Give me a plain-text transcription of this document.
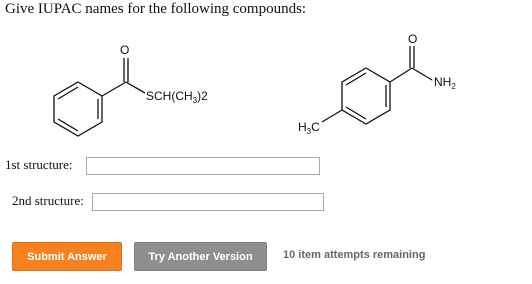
Give IUPAC names for the following compounds:
O
$SCH(CH_3)2$
O
$NH_2$
$H_3C$
1st structure:
2nd structure:
Submit Answer	Try Another Version	10 item attempts remaining
